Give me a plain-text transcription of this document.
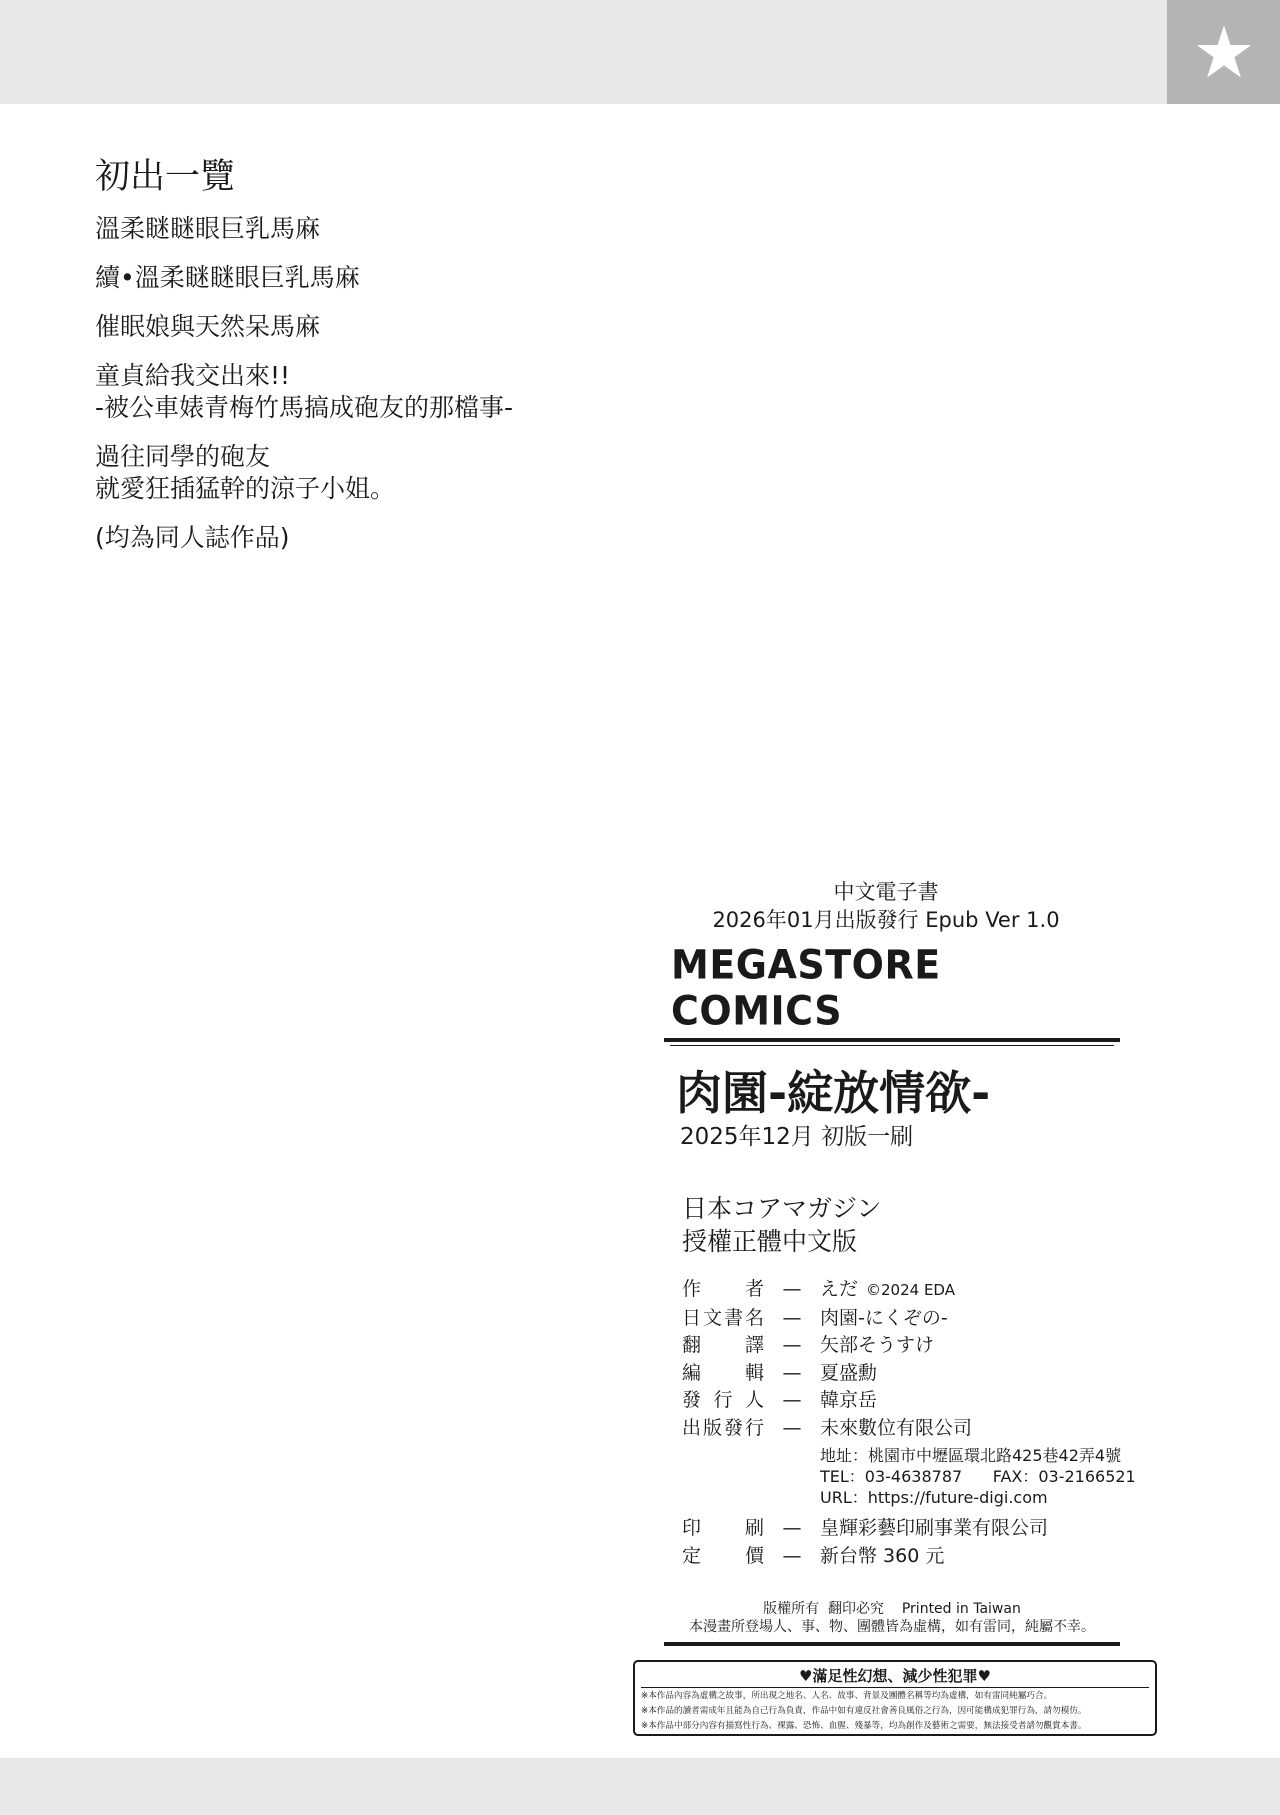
初出一覽
溫柔瞇瞇眼巨乳馬麻
續•溫柔瞇瞇眼巨乳馬麻
催眠娘與天然呆馬麻
童貞給我交出來!!
-被公車婊青梅竹馬搞成砲友的那檔事-
過往同學的砲友
就愛狂插猛幹的涼子小姐。
(均為同人誌作品)
中文電子書
2026年01月出版發行 Epub Ver 1.0
MEGASTORE COMICS
肉園-綻放情欲-
2025年12月 初版一刷
日本コアマガジン
授權正體中文版
作者 — えだ ©2024 EDA
日文書名 — 肉園-にくぞの-
翻譯 — 矢部そうすけ
編輯 — 夏盛勳
發行人 — 韓京岳
出版發行 — 未來數位有限公司
地址：桃園市中壢區環北路425巷42弄4號
TEL：03-4638787      FAX：03-2166521
URL：https://future-digi.com
印刷 — 皇輝彩藝印刷事業有限公司
定價 — 新台幣 360 元
版權所有  翻印必究    Printed in Taiwan
本漫畫所登場人、事、物、團體皆為虛構，如有雷同，純屬不幸。
♥滿足性幻想、減少性犯罪♥
※本作品內容為虛構之故事，所出現之地名、人名、故事、背景及團體名稱等均為虛構，如有雷同純屬巧合。
※本作品的讀者需成年且能為自己行為負責，作品中如有違反社會善良風俗之行為，因可能構成犯罪行為，請勿模仿。
※本作品中部分內容有描寫性行為、裸露、恐怖、血腥、殘暴等，均為創作及藝術之需要，無法接受者請勿觀賞本書。
